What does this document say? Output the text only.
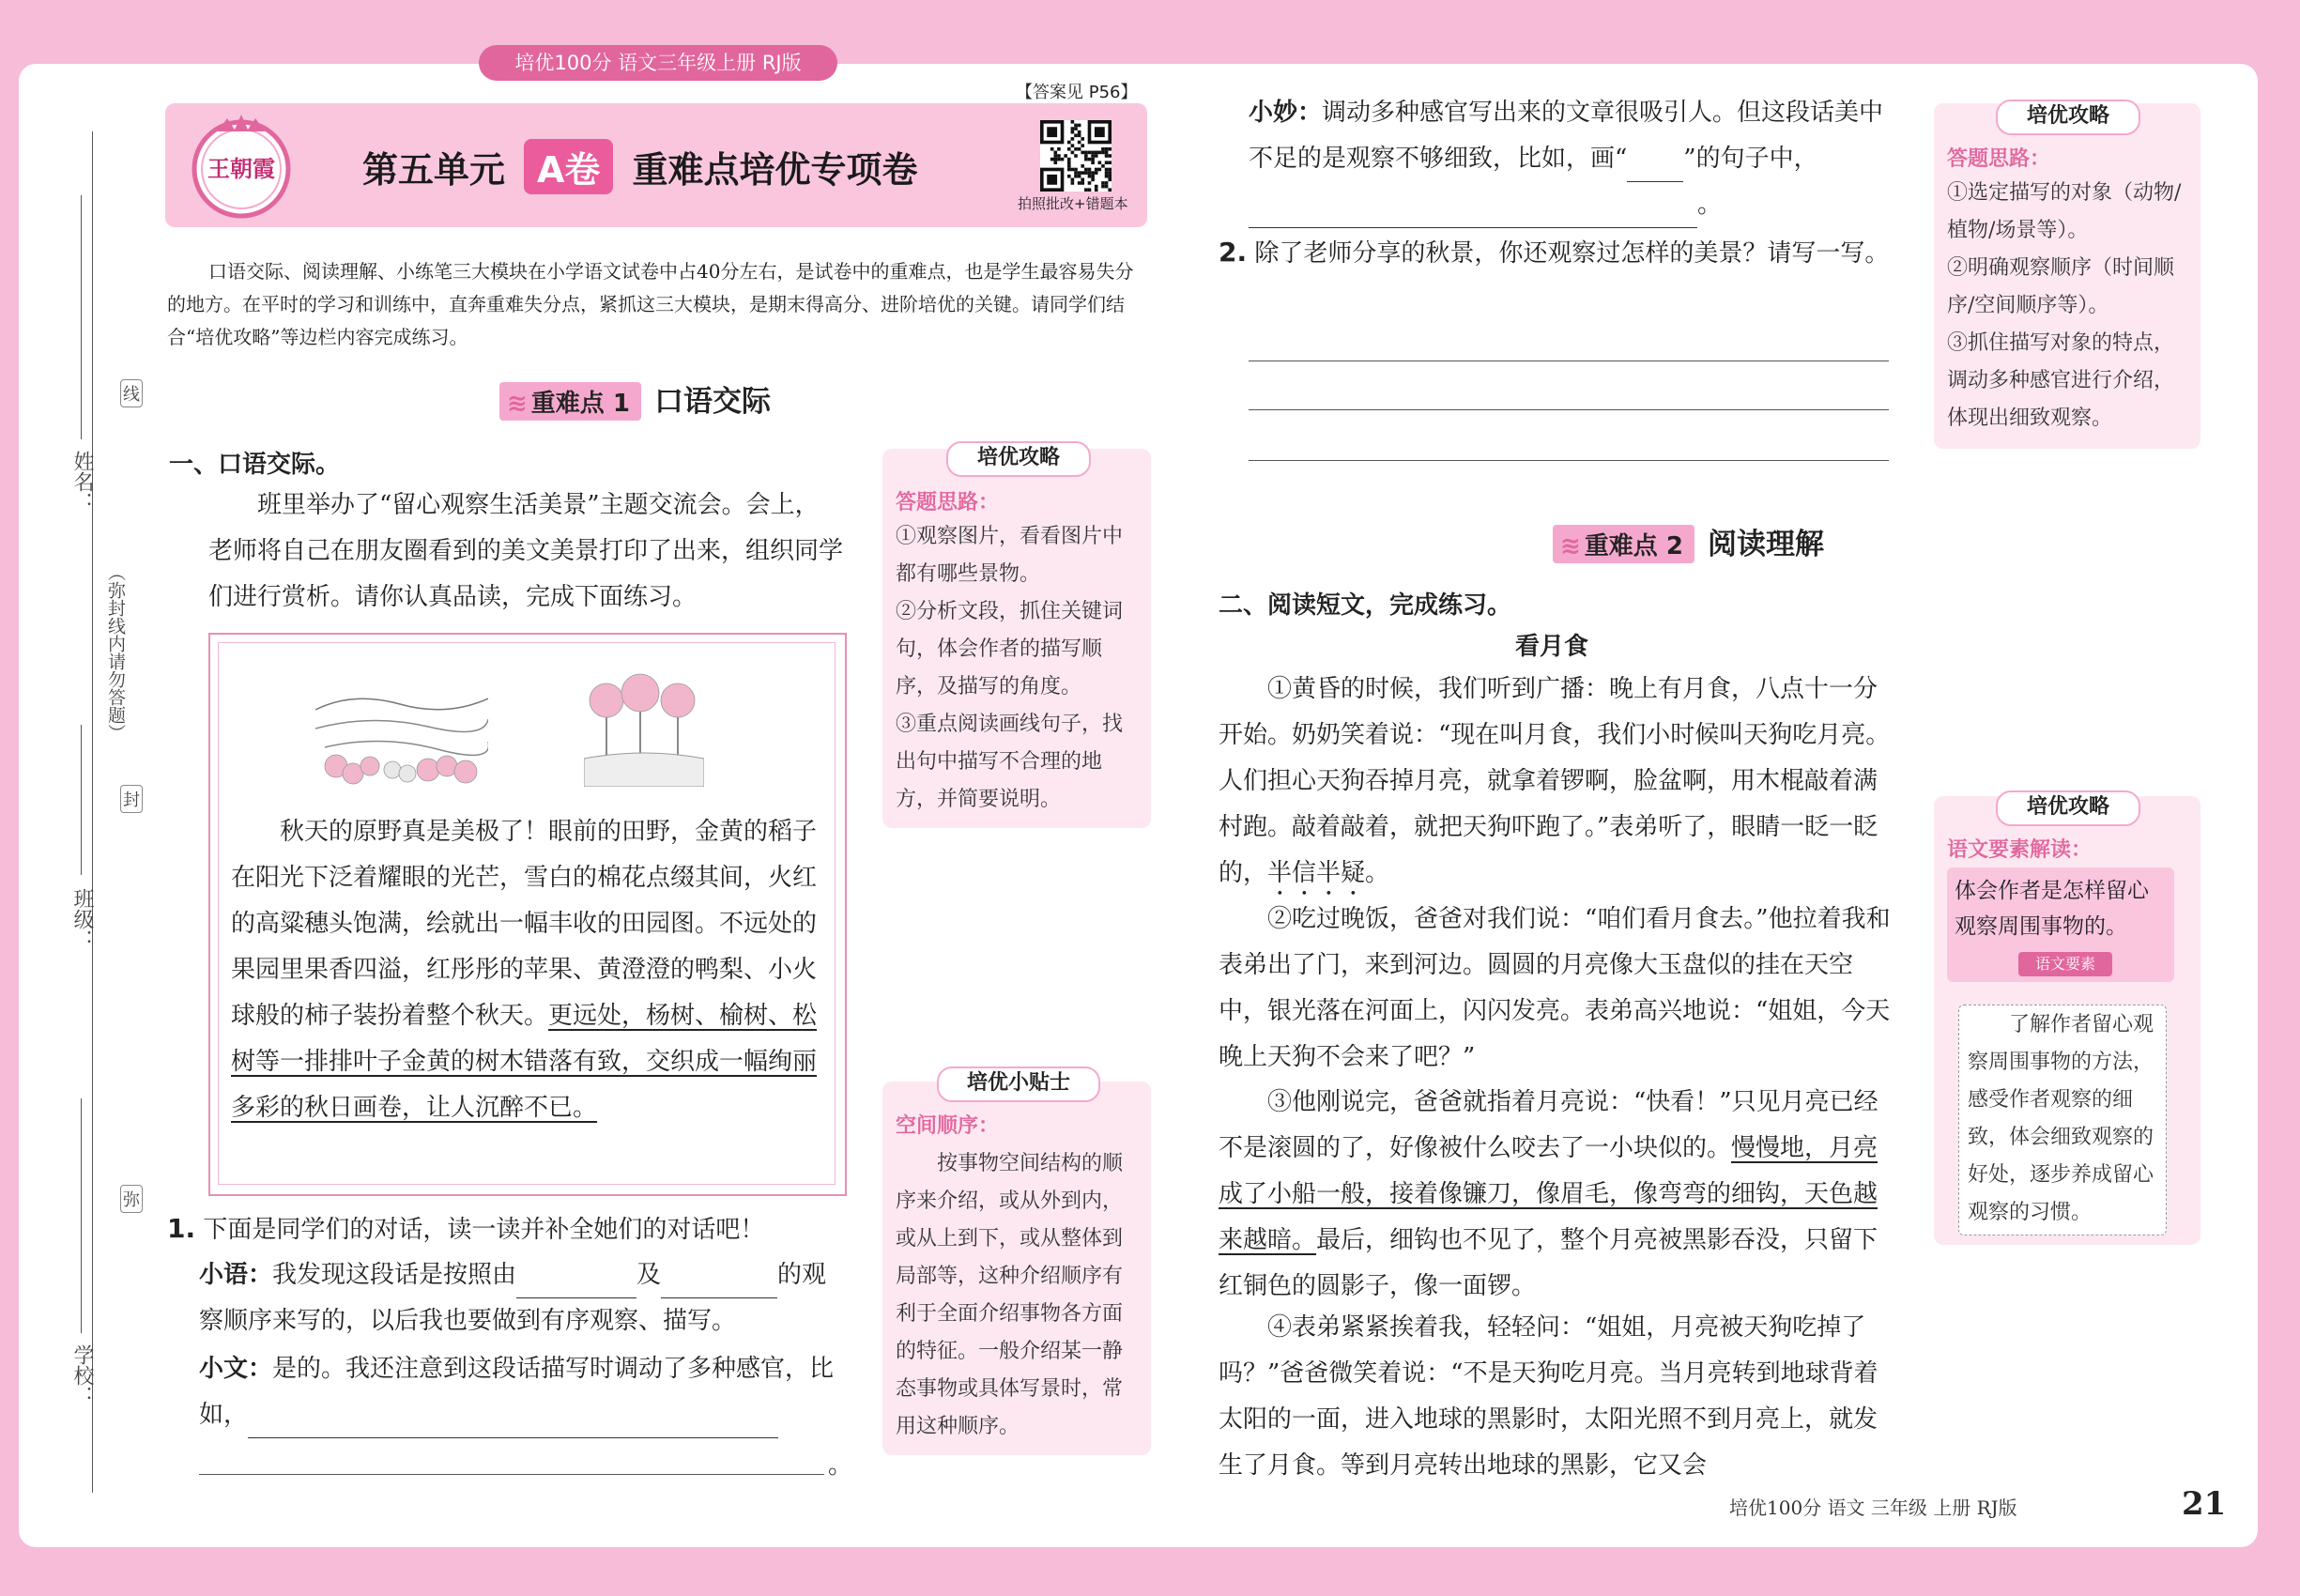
培优100分 语文三年级上册 RJ版
【答案见 P56】
第五单元 A卷 重难点培优专项卷
王朝霞
拍照批改+错题本
口语交际、阅读理解、小练笔三大模块在小学语文试卷中占40分左右，是试卷中的重难点，也是学生最容易失分的地方。在平时的学习和训练中，直奔重难失分点，紧抓这三大模块，是期末得高分、进阶培优的关键。请同学们结合“培优攻略”等边栏内容完成练习。
≋ 重难点 1 口语交际
一、口语交际。
班里举办了“留心观察生活美景”主题交流会。会上，老师将自己在朋友圈看到的美文美景打印了出来，组织同学们进行赏析。请你认真品读，完成下面练习。
秋天的原野真是美极了！眼前的田野，金黄的稻子在阳光下泛着耀眼的光芒，雪白的棉花点缀其间，火红的高粱穗头饱满，绘就出一幅丰收的田园图。不远处的果园里果香四溢，红彤彤的苹果、黄澄澄的鸭梨、小火球般的柿子装扮着整个秋天。更远处，杨树、榆树、松树等一排排叶子金黄的树木错落有致，交织成一幅绚丽多彩的秋日画卷，让人沉醉不已。
1. 下面是同学们的对话，读一读并补全她们的对话吧！
小语：我发现这段话是按照由	及	的观察顺序来写的，以后我也要做到有序观察、描写。
小文：是的。我还注意到这段话描写时调动了多种感官，比如，
。
小妙：调动多种感官写出来的文章很吸引人。但这段话美中不足的是观察不够细致，比如，画“ ”的句子中，。
2. 除了老师分享的秋景，你还观察过怎样的美景？请写一写。
≋ 重难点 2 阅读理解
二、阅读短文，完成练习。
看月食
①黄昏的时候，我们听到广播：晚上有月食，八点十一分开始。奶奶笑着说：“现在叫月食，我们小时候叫天狗吃月亮。人们担心天狗吞掉月亮，就拿着锣啊，脸盆啊，用木棍敲着满村跑。敲着敲着，就把天狗吓跑了。”表弟听了，眼睛一眨一眨的，半信半疑。
②吃过晚饭，爸爸对我们说：“咱们看月食去。”他拉着我和表弟出了门，来到河边。圆圆的月亮像大玉盘似的挂在天空中，银光落在河面上，闪闪发亮。表弟高兴地说：“姐姐，今天晚上天狗不会来了吧？”
③他刚说完，爸爸就指着月亮说：“快看！”只见月亮已经不是滚圆的了，好像被什么咬去了一小块似的。慢慢地，月亮成了小船一般，接着像镰刀，像眉毛，像弯弯的细钩，天色越来越暗。最后，细钩也不见了，整个月亮被黑影吞没，只留下红铜色的圆影子，像一面锣。
④表弟紧紧挨着我，轻轻问：“姐姐，月亮被天狗吃掉了吗？”爸爸微笑着说：“不是天狗吃月亮。当月亮转到地球背着太阳的一面，进入地球的黑影时，太阳光照不到月亮上，就发生了月食。等到月亮转出地球的黑影，它又会
培优攻略
答题思路：
①观察图片，看看图片中都有哪些景物。
②分析文段，抓住关键词句，体会作者的描写顺序，及描写的角度。
③重点阅读画线句子，找出句中描写不合理的地方，并简要说明。
培优小贴士
空间顺序：
按事物空间结构的顺序来介绍，或从外到内，或从上到下，或从整体到局部等，这种介绍顺序有利于全面介绍事物各方面的特征。一般介绍某一静态事物或具体写景时，常用这种顺序。
培优攻略
答题思路：
①选定描写的对象（动物/植物/场景等）。
②明确观察顺序（时间顺序/空间顺序等）。
③抓住描写对象的特点，调动多种感官进行介绍，体现出细致观察。
培优攻略
语文要素解读：
体会作者是怎样留心观察周围事物的。
语文要素
了解作者留心观察周围事物的方法，感受作者观察的细致，体会细致观察的好处，逐步养成留心观察的习惯。
姓名：
班级：
学校：
（弥封线内请勿答题）
线
封
弥
培优100分 语文 三年级 上册 RJ版	21
